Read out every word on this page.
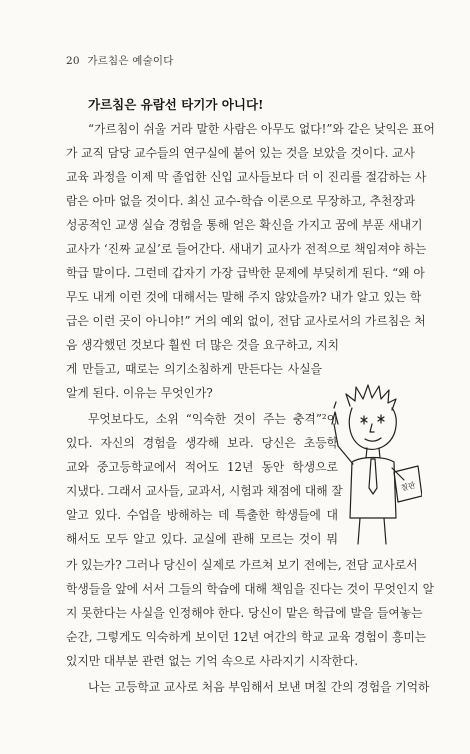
20 가르침은 예술이다
가르침은 유람선 타기가 아니다!
“가르침이 쉬울 거라 말한 사람은 아무도 없다!”와 같은 낮익은 표어
가 교직 담당 교수들의 연구실에 붙어 있는 것을 보았을 것이다. 교사
교육 과정을 이제 막 졸업한 신입 교사들보다 더 이 진리를 절감하는 사
람은 아마 없을 것이다. 최신 교수-학습 이론으로 무장하고, 추천장과
성공적인 교생 실습 경험을 통해 얻은 확신을 가지고 꿈에 부푼 새내기
교사가 ‘진짜 교실’로 들어간다. 새내기 교사가 전적으로 책임져야 하는
학급 말이다. 그런데 갑자기 가장 급박한 문제에 부딪히게 된다. “왜 아
무도 내게 이런 것에 대해서는 말해 주지 않았을까? 내가 알고 있는 학
급은 이런 곳이 아니야!” 거의 예외 없이, 전담 교사로서의 가르침은 처
음 생각했던 것보다 훨씬 더 많은 것을 요구하고, 지치
게 만들고, 때로는 의기소침하게 만든다는 사실을
알게 된다. 이유는 무엇인가?
무엇보다도, 소위 “익숙한 것이 주는 충격”²이
있다. 자신의 경험을 생각해 보라. 당신은 초등학
교와 중고등학교에서 적어도 12년 동안 학생으로
지냈다. 그래서 교사들, 교과서, 시험과 채점에 대해 잘
알고 있다. 수업을 방해하는 데 특출한 학생들에 대
해서도 모두 알고 있다. 교실에 관해 모르는 것이 뭐
가 있는가? 그러나 당신이 실제로 가르쳐 보기 전에는, 전담 교사로서
학생들을 앞에 서서 그들의 학습에 대해 책임을 진다는 것이 무엇인지 알
지 못한다는 사실을 인정해야 한다. 당신이 맡은 학급에 발을 들여놓는
순간, 그렇게도 익숙하게 보이던 12년 여간의 학교 교육 경험이 흥미는
있지만 대부분 관련 없는 기억 속으로 사라지기 시작한다.
나는 고등학교 교사로 처음 부임해서 보낸 며칠 간의 경험을 기억하
칠판
